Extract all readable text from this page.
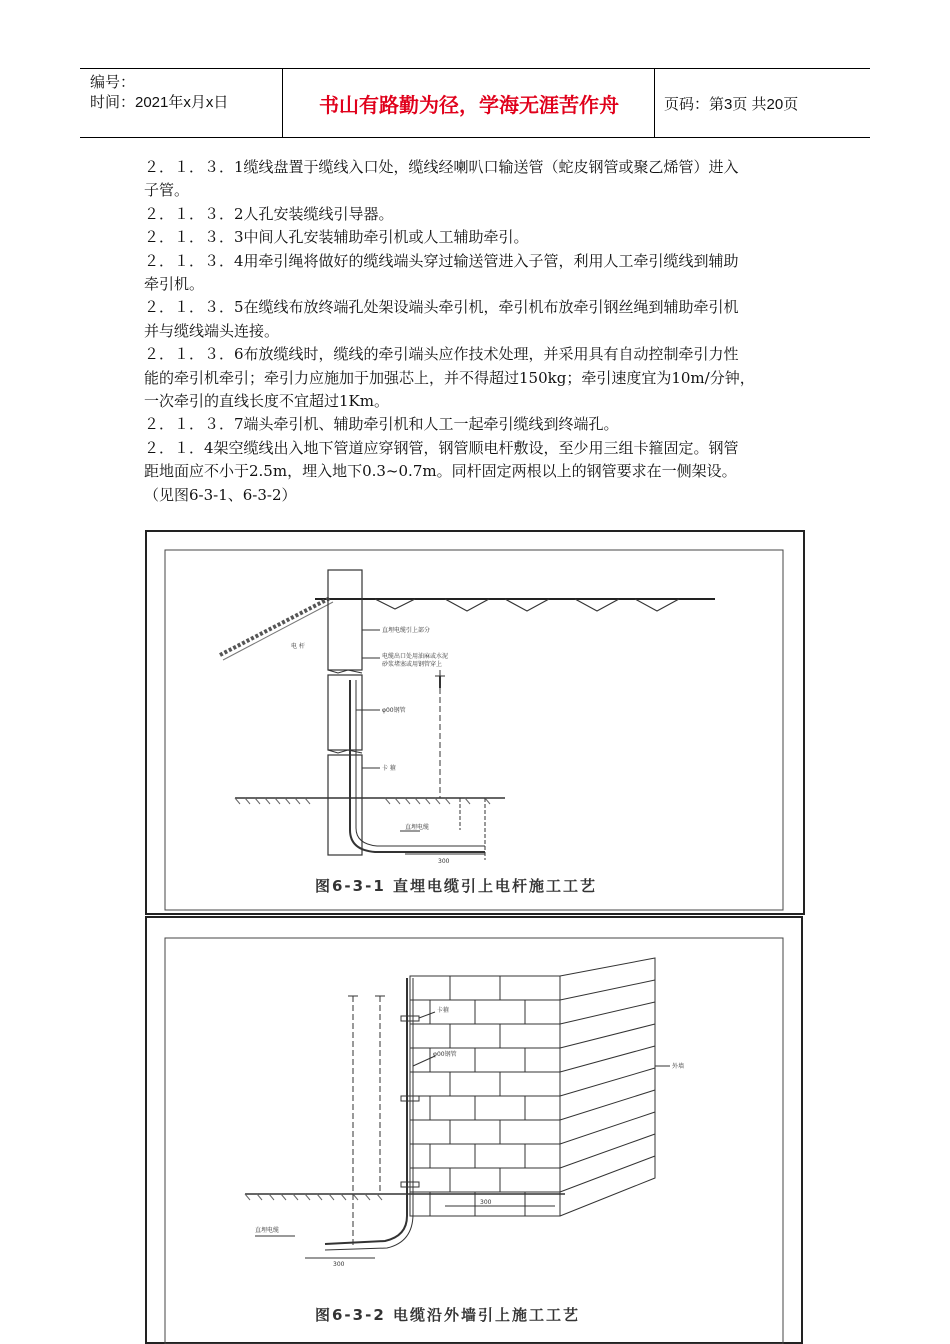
编号：
时间：2021年x月x日	书山有路勤为径，学海无涯苦作舟	页码：第3页 共20页

２．１．３．1缆线盘置于缆线入口处，缆线经喇叭口输送管（蛇皮钢管或聚乙烯管）进入

子管。

２．１．３．2人孔安装缆线引导器。

２．１．３．3中间人孔安装辅助牵引机或人工辅助牵引。

２．１．３．4用牵引绳将做好的缆线端头穿过输送管进入子管，利用人工牵引缆线到辅助

牵引机。

２．１．３．5在缆线布放终端孔处架设端头牵引机，牵引机布放牵引钢丝绳到辅助牵引机

并与缆线端头连接。

２．１．３．6布放缆线时，缆线的牵引端头应作技术处理，并采用具有自动控制牵引力性

能的牵引机牵引；牵引力应施加于加强芯上，并不得超过150kg；牵引速度宜为10m/分钟，

一次牵引的直线长度不宜超过1Km。

２．１．３．7端头牵引机、辅助牵引机和人工一起牵引缆线到终端孔。

２．１．4架空缆线出入地下管道应穿钢管，钢管顺电杆敷设，至少用三组卡箍固定。钢管

距地面应不小于2.5m，埋入地下0.3~0.7m。同杆固定两根以上的钢管要求在一侧架设。

（见图6-3-1、6-3-2）

电 杆
直埋电缆引上部分
电缆出口处用油麻或水泥
砂浆堵塞或用钢管穿上
φ00钢管
卡 箍
直埋电缆
300
图6-3-1 直埋电缆引上电杆施工工艺
卡箍
φ00钢管
外墙
直埋电缆
300
300
图6-3-2 电缆沿外墙引上施工工艺
